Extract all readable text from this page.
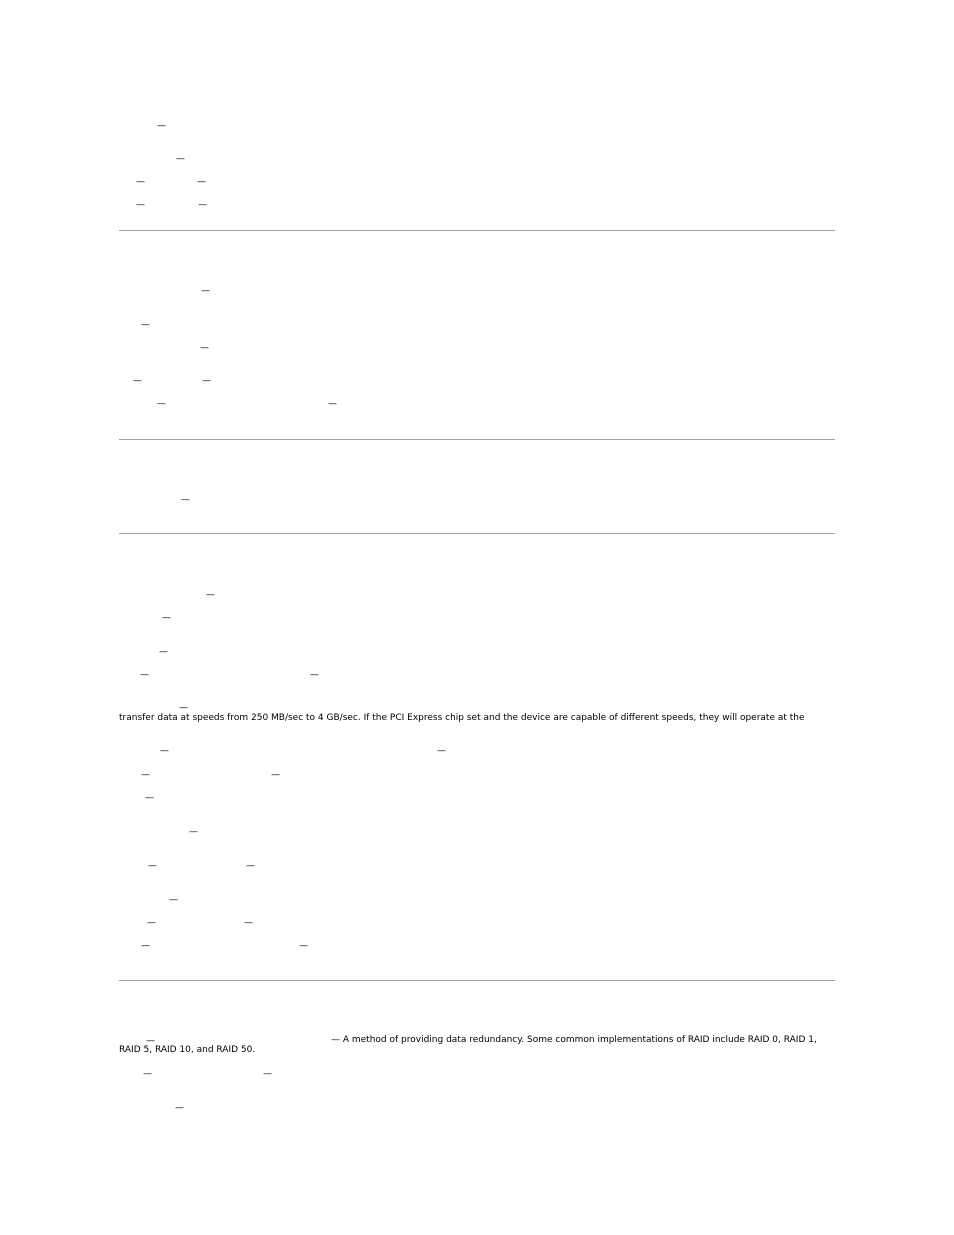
—
—
—	—
—	—
—
—
—
—	—
—	—
—
—
—
—
—	—
—
transfer data at speeds from 250 MB/sec to 4 GB/sec. If the PCI Express chip set and the device are capable of different speeds, they will operate at the
—	—
—	—
—
—
—	—
—
—	—
—	—
—	— A method of providing data redundancy. Some common implementations of RAID include RAID 0, RAID 1,
RAID 5, RAID 10, and RAID 50.
—	—
—
